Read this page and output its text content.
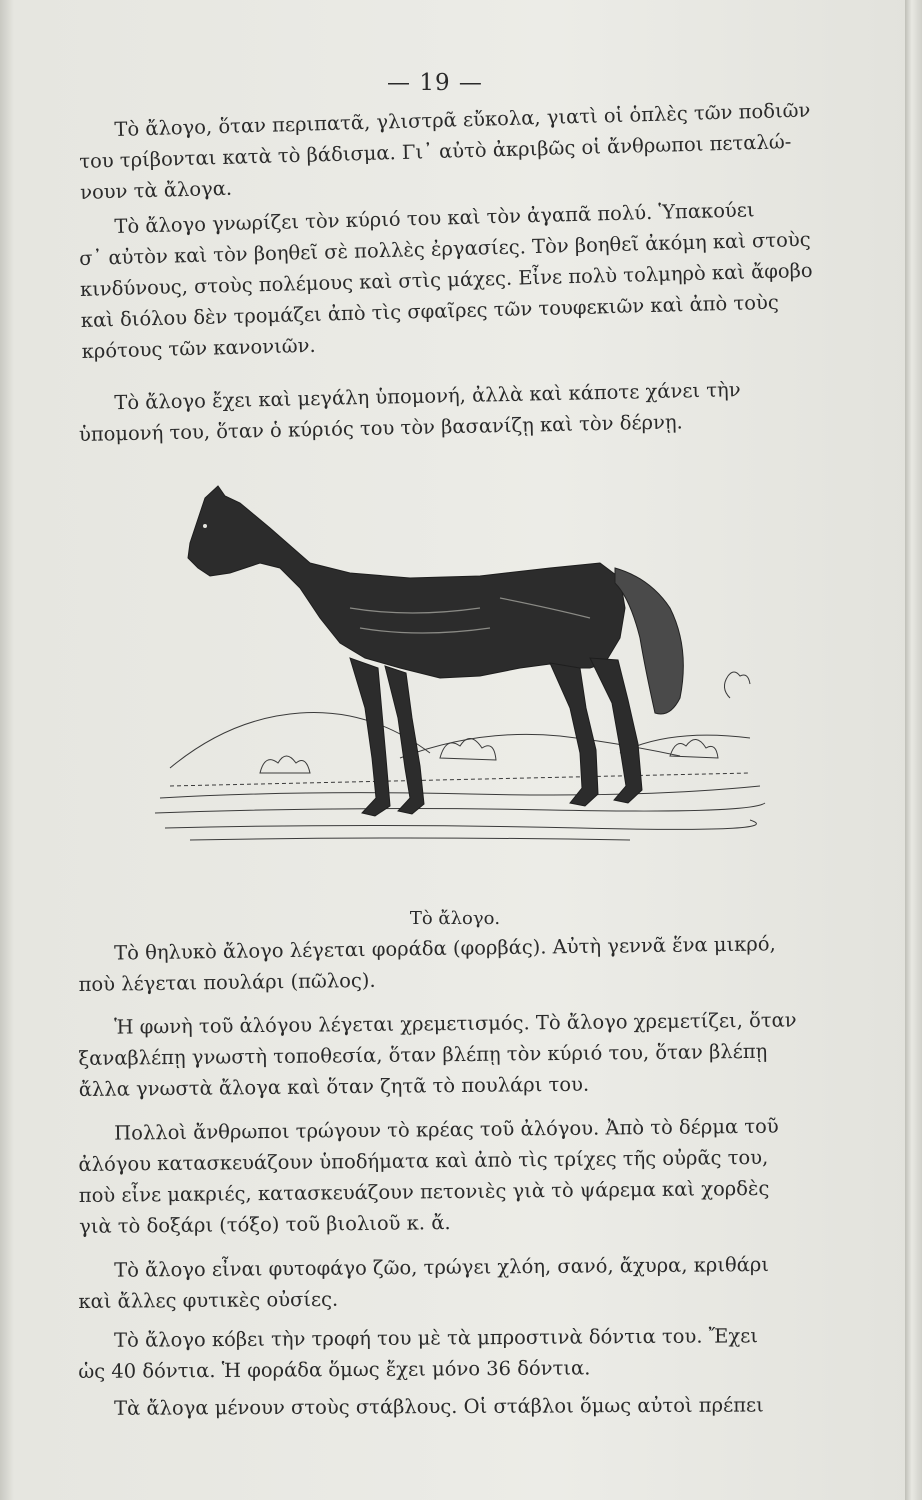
— 19 —

Τὸ ἄλογο, ὅταν περιπατᾶ, γλιστρᾶ εὔκολα, γιατὶ οἱ ὁπλὲς τῶν ποδιῶν
του τρίβονται κατὰ τὸ βάδισμα. Γι᾿ αὐτὸ ἀκριβῶς οἱ ἄνθρωποι πεταλώ-
νουν τὰ ἄλογα.

Τὸ ἄλογο γνωρίζει τὸν κύριό του καὶ τὸν ἀγαπᾶ πολύ. Ὑπακούει
σ᾿ αὐτὸν καὶ τὸν βοηθεῖ σὲ πολλὲς ἐργασίες. Τὸν βοηθεῖ ἀκόμη καὶ στοὺς
κινδύνους, στοὺς πολέμους καὶ στὶς μάχες. Εἶνε πολὺ τολμηρὸ καὶ ἄφοβο
καὶ διόλου δὲν τρομάζει ἀπὸ τὶς σφαῖρες τῶν τουφεκιῶν καὶ ἀπὸ τοὺς
κρότους τῶν κανονιῶν.

Τὸ ἄλογο ἔχει καὶ μεγάλη ὑπομονή, ἀλλὰ καὶ κάποτε χάνει τὴν
ὑπομονή του, ὅταν ὁ κύριός του τὸν βασανίζῃ καὶ τὸν δέρνῃ.

Τὸ ἄλογο.

Τὸ θηλυκὸ ἄλογο λέγεται φοράδα (φορβάς). Αὐτὴ γεννᾶ ἕνα μικρό,
ποὺ λέγεται πουλάρι (πῶλος).

Ἡ φωνὴ τοῦ ἀλόγου λέγεται χρεμετισμός. Τὸ ἄλογο χρεμετίζει, ὅταν
ξαναβλέπῃ γνωστὴ τοποθεσία, ὅταν βλέπῃ τὸν κύριό του, ὅταν βλέπῃ
ἄλλα γνωστὰ ἄλογα καὶ ὅταν ζητᾶ τὸ πουλάρι του.

Πολλοὶ ἄνθρωποι τρώγουν τὸ κρέας τοῦ ἀλόγου. Ἀπὸ τὸ δέρμα τοῦ
ἀλόγου κατασκευάζουν ὑποδήματα καὶ ἀπὸ τὶς τρίχες τῆς οὐρᾶς του,
ποὺ εἶνε μακριές, κατασκευάζουν πετονιὲς γιὰ τὸ ψάρεμα καὶ χορδὲς
γιὰ τὸ δοξάρι (τόξο) τοῦ βιολιοῦ κ. ἄ.

Τὸ ἄλογο εἶναι φυτοφάγο ζῶο, τρώγει χλόη, σανό, ἄχυρα, κριθάρι
καὶ ἄλλες φυτικὲς οὐσίες.

Τὸ ἄλογο κόβει τὴν τροφή του μὲ τὰ μπροστινὰ δόντια του. Ἔχει
ὡς 40 δόντια. Ἡ φοράδα ὅμως ἔχει μόνο 36 δόντια.

Τὰ ἄλογα μένουν στοὺς στάβλους. Οἱ στάβλοι ὅμως αὐτοὶ πρέπει
